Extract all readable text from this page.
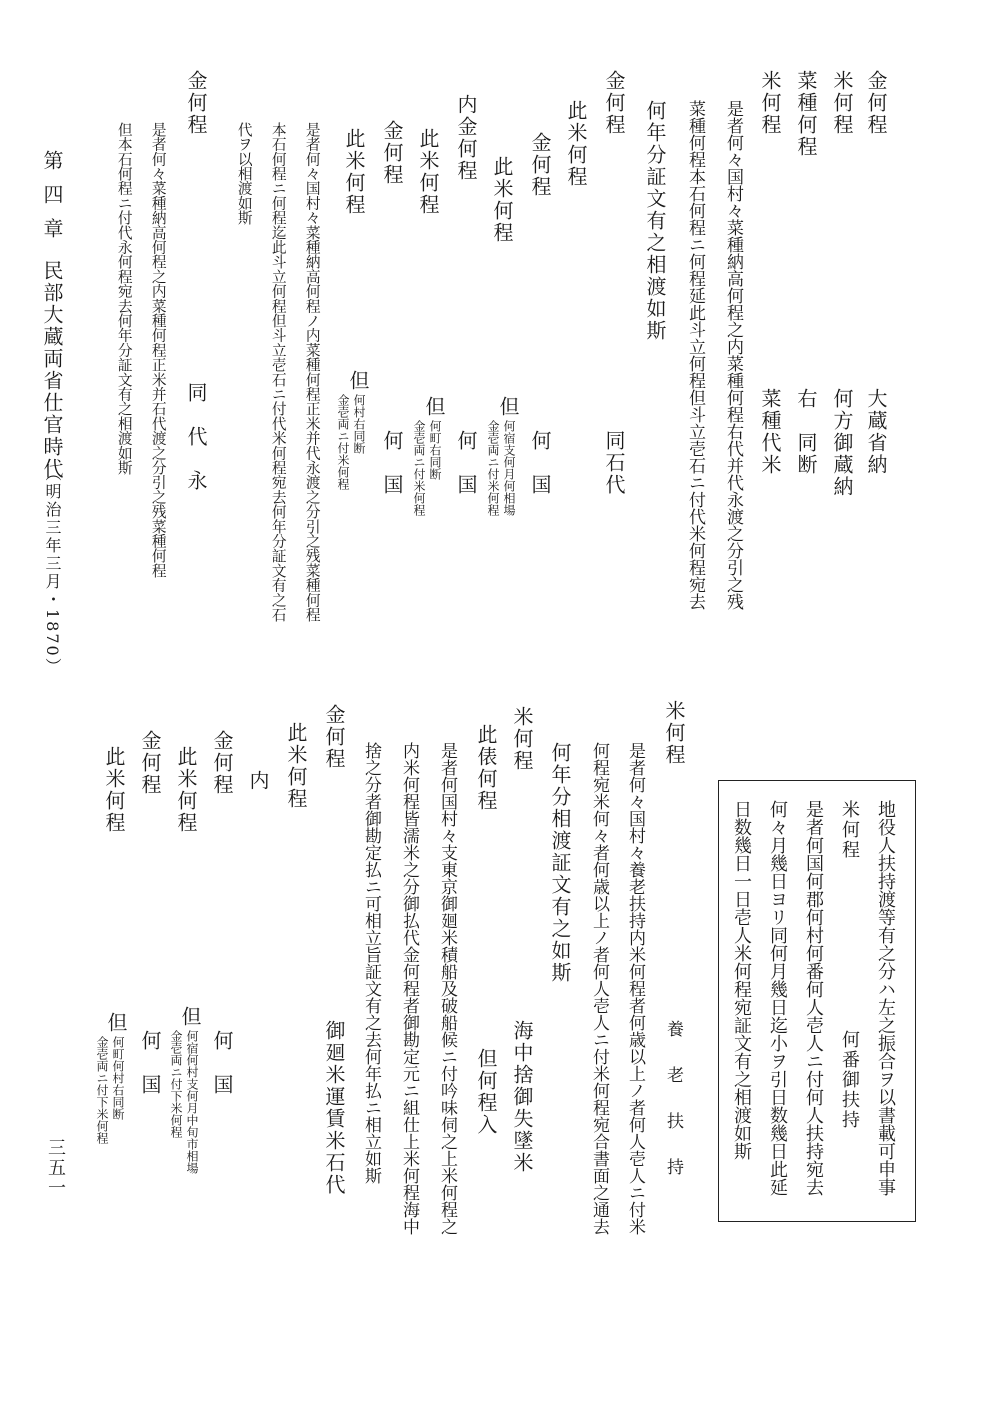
第四章
民部大蔵両省仕官時代
（明治三年三月・1870）
三五一
金何程
大蔵省納
米何程
何方御蔵納
菜種何程
右　同断
米何程
菜種代米
是者何々国村々菜種納高何程之内菜種何程右代并代永渡之分引之残
菜種何程本石何程ニ何程延此斗立何程但斗立壱石ニ付代米何程宛去
何年分証文有之相渡如斯
金何程
同石代
此米何程
金何程
何　国
此米何程
但
何宿支何月何相場
金壱両ニ付米何程
内金何程
何　国
此米何程
但
何町右同断
金壱両ニ付米何程
金何程
何　国
此米何程
但
何村右同断
金壱両ニ付米何程
是者何々国村々菜種納高何程ノ内菜種何程正米并代永渡之分引之残菜種何程
本石何程ニ何程迄此斗立何程但斗立壱石ニ付代米何程宛去何年分証文有之石
代ヲ以相渡如斯
金何程
同　代　永
是者何々菜種納高何程之内菜種何程正米并石代渡之分引之残菜種何程
但本石何程ニ付代永何程宛去何年分証文有之相渡如斯
地役人扶持渡等有之分ハ左之振合ヲ以書載可申事
米何程
何番御扶持
是者何国何郡何村何番何人壱人ニ付何人扶持宛去
何々月幾日ヨリ同何月幾日迄小ヲ引日数幾日此延
日数幾日一日壱人米何程宛証文有之相渡如斯
米何程
養　老　扶　持
是者何々国村々養老扶持内米何程者何歳以上ノ者何人壱人ニ付米
何程宛米何々者何歳以上ノ者何人壱人ニ付米何程宛合書面之通去
何年分相渡証文有之如斯
米何程
海中捨御失墜米
此俵何程
但何程入
是者何国村々支東京御廻米積船及破船候ニ付吟味伺之上米何程之
内米何程皆濡米之分御払代金何程者御勘定元ニ組仕上米何程海中
捨之分者御勘定払ニ可相立旨証文有之去何年払ニ相立如斯
金何程
御廻米運賃米石代
此米何程
内
金何程
何　国
此米何程
但
何宿何村支何月中旬市相場
金壱両ニ付下米何程
金何程
何　国
此米何程
但
何町何村右同断
金壱両ニ付下米何程
